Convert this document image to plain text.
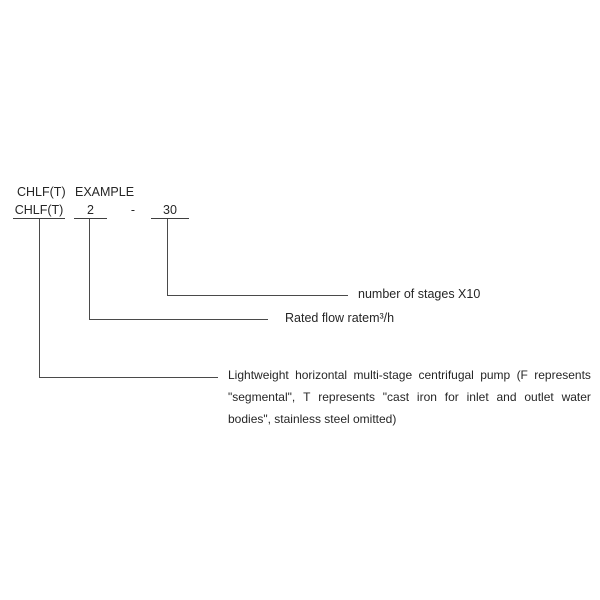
CHLF(T) EXAMPLE
CHLF(T)	2	-	30
number of stages X10
Rated flow ratem³/h
Lightweight horizontal multi-stage centrifugal pump (F represents
"segmental", T represents "cast iron for inlet and outlet water
bodies", stainless steel omitted)
